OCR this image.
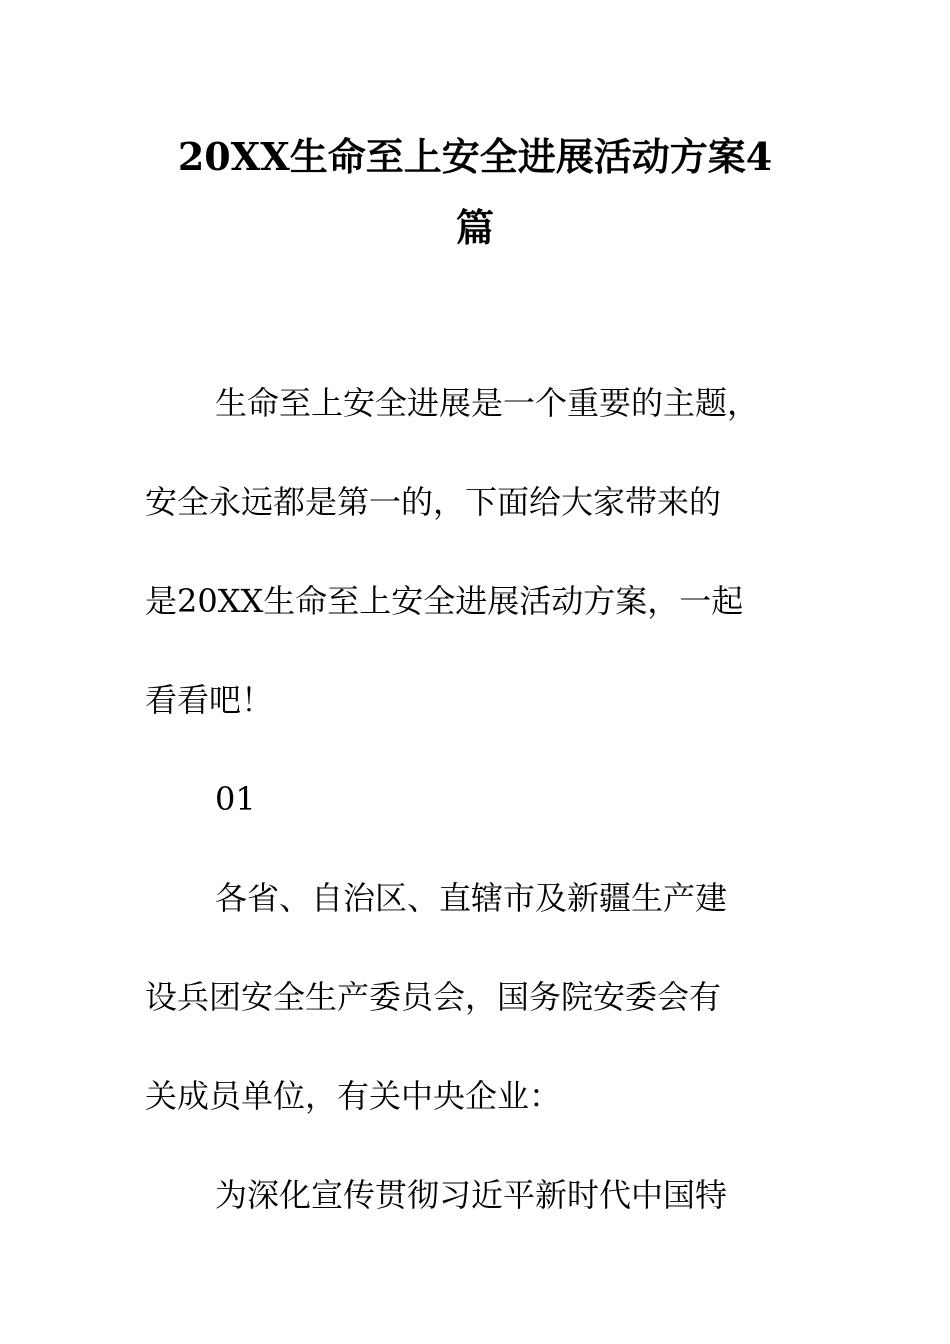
20XX生命至上安全进展活动方案4
篇

生命至上安全进展是一个重要的主题，

安全永远都是第一的，下面给大家带来的

是20XX生命至上安全进展活动方案，一起

看看吧！

01

各省、自治区、直辖市及新疆生产建

设兵团安全生产委员会，国务院安委会有

关成员单位，有关中央企业：

为深化宣传贯彻习近平新时代中国特
